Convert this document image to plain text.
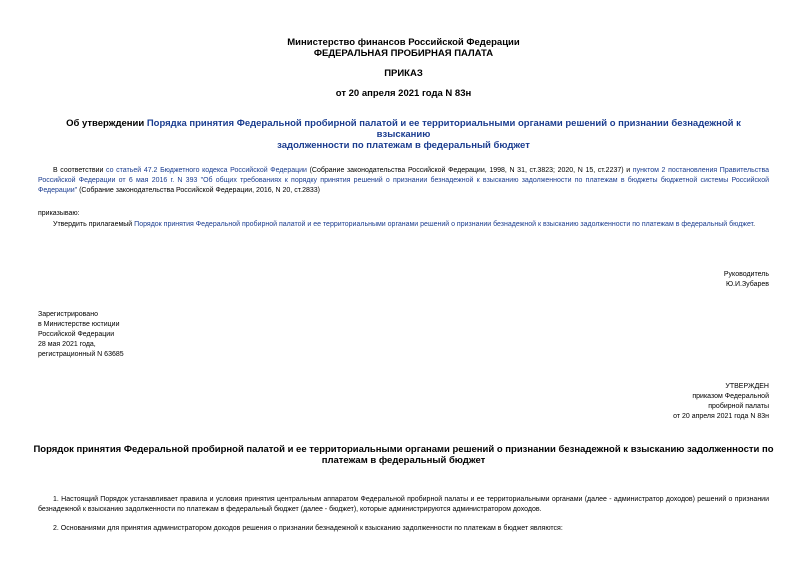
Министерство финансов Российской Федерации
ФЕДЕРАЛЬНАЯ ПРОБИРНАЯ ПАЛАТА
ПРИКАЗ
от 20 апреля 2021 года N 83н
Об утверждении Порядка принятия Федеральной пробирной палатой и ее территориальными органами решений о признании безнадежной к взысканию
задолженности по платежам в федеральный бюджет
В соответствии со статьей 47.2 Бюджетного кодекса Российской Федерации (Собрание законодательства Российской Федерации, 1998, N 31, ст.3823; 2020, N 15, ст.2237) и пунктом 2 постановления Правительства Российской Федерации от 6 мая 2016 г. N 393 "Об общих требованиях к порядку принятия решений о признании безнадежной к взысканию задолженности по платежам в бюджеты бюджетной системы Российской Федерации" (Собрание законодательства Российской Федерации, 2016, N 20, ст.2833)
приказываю:
Утвердить прилагаемый Порядок принятия Федеральной пробирной палатой и ее территориальными органами решений о признании безнадежной к взысканию задолженности по платежам в федеральный бюджет.
Руководитель
Ю.И.Зубарев
Зарегистрировано
в Министерстве юстиции
Российской Федерации
28 мая 2021 года,
регистрационный N 63685
УТВЕРЖДЕН
приказом Федеральной
пробирной палаты
от 20 апреля 2021 года N 83н
Порядок принятия Федеральной пробирной палатой и ее территориальными органами решений о признании безнадежной к взысканию задолженности по
платежам в федеральный бюджет
1. Настоящий Порядок устанавливает правила и условия принятия центральным аппаратом Федеральной пробирной палаты и ее территориальными органами (далее - администратор доходов) решений о признании безнадежной к взысканию задолженности по платежам в федеральный бюджет (далее - бюджет), которые администрируются администратором доходов.
2. Основаниями для принятия администратором доходов решения о признании безнадежной к взысканию задолженности по платежам в бюджет являются:
